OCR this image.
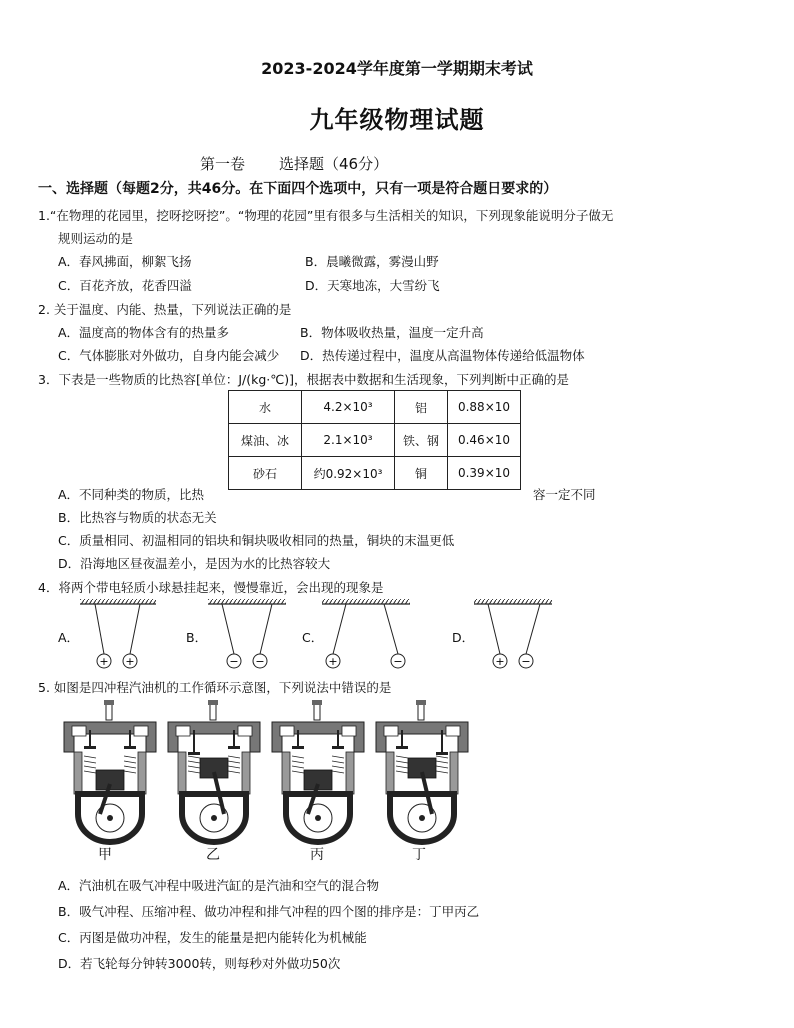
2023-2024学年度第一学期期末考试
九年级物理试题
第一卷 选择题（46分）
一、选择题（每题2分，共46分。在下面四个选项中，只有一项是符合题日要求的）
1.“在物理的花园里，挖呀挖呀挖”。“物理的花园”里有很多与生活相关的知识，下列现象能说明分子做无
规则运动的是
A．春风拂面，柳絮飞扬	B．晨曦微露，雾漫山野
C．百花齐放，花香四溢	D．天寒地冻，大雪纷飞
2. 关于温度、内能、热量，下列说法正确的是
A．温度高的物体含有的热量多	B．物体吸收热量，温度一定升高
C．气体膨胀对外做功，自身内能会减少 D．热传递过程中，温度从高温物体传递给低温物体
3．下表是一些物质的比热容[单位：J/(kg·℃)]，根据表中数据和生活现象，下列判断中正确的是
水	4.2×10³	铝	0.88×10
煤油、冰	2.1×10³	铁、钢	0.46×10
砂石	约0.92×10³	铜	0.39×10
A．不同种类的物质，比热	容一定不同
B．比热容与物质的状态无关
C．质量相同、初温相同的铝块和铜块吸收相同的热量，铜块的末温更低
D．沿海地区昼夜温差小，是因为水的比热容较大
4．将两个带电轻质小球悬挂起来，慢慢靠近，会出现的现象是
A．	B．	C．	D．
+ +	− −	+	−	+ −
5. 如图是四冲程汽油机的工作循环示意图，下列说法中错误的是
甲	乙	丙	丁
A．汽油机在吸气冲程中吸进汽缸的是汽油和空气的混合物
B．吸气冲程、压缩冲程、做功冲程和排气冲程的四个图的排序是：丁甲丙乙
C．丙图是做功冲程，发生的能量是把内能转化为机械能
D．若飞轮每分钟转3000转，则每秒对外做功50次
